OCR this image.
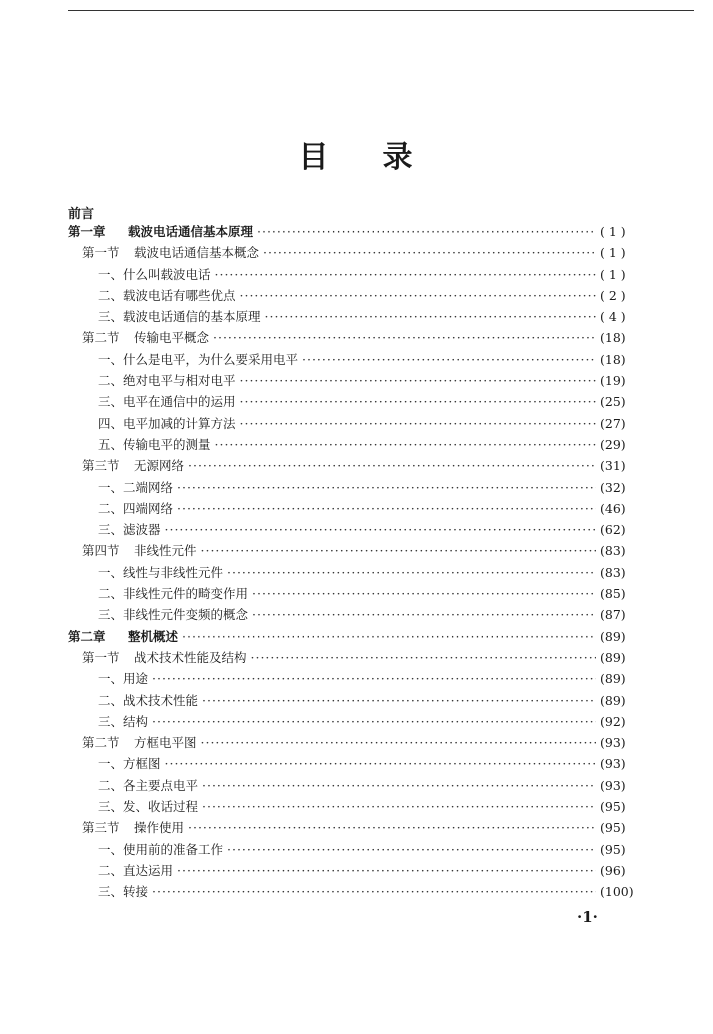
目 录
前言
第一章	载波电话通信基本原理 ·····	( 1 )
第一节	载波电话通信基本概念 ·····	( 1 )
一、什么叫载波电话 ·····	( 1 )
二、载波电话有哪些优点 ·····	( 2 )
三、载波电话通信的基本原理 ·····	( 4 )
第二节	传输电平概念 ·····	(18)
一、什么是电平，为什么要采用电平 ·····	(18)
二、绝对电平与相对电平 ·····	(19)
三、电平在通信中的运用 ·····	(25)
四、电平加减的计算方法 ·····	(27)
五、传输电平的测量 ·····	(29)
第三节	无源网络 ·····	(31)
一、二端网络 ·····	(32)
二、四端网络 ·····	(46)
三、滤波器 ·····	(62)
第四节	非线性元件 ·····	(83)
一、线性与非线性元件 ·····	(83)
二、非线性元件的畸变作用 ·····	(85)
三、非线性元件变频的概念 ·····	(87)
第二章	整机概述 ·····	(89)
第一节	战术技术性能及结构 ·····	(89)
一、用途 ·····	(89)
二、战术技术性能 ·····	(89)
三、结构 ·····	(92)
第二节	方框电平图 ·····	(93)
一、方框图 ·····	(93)
二、各主要点电平 ·····	(93)
三、发、收话过程 ·····	(95)
第三节	操作使用 ·····	(95)
一、使用前的准备工作 ·····	(95)
二、直达运用 ·····	(96)
三、转接 ·····	(100)
·1·
